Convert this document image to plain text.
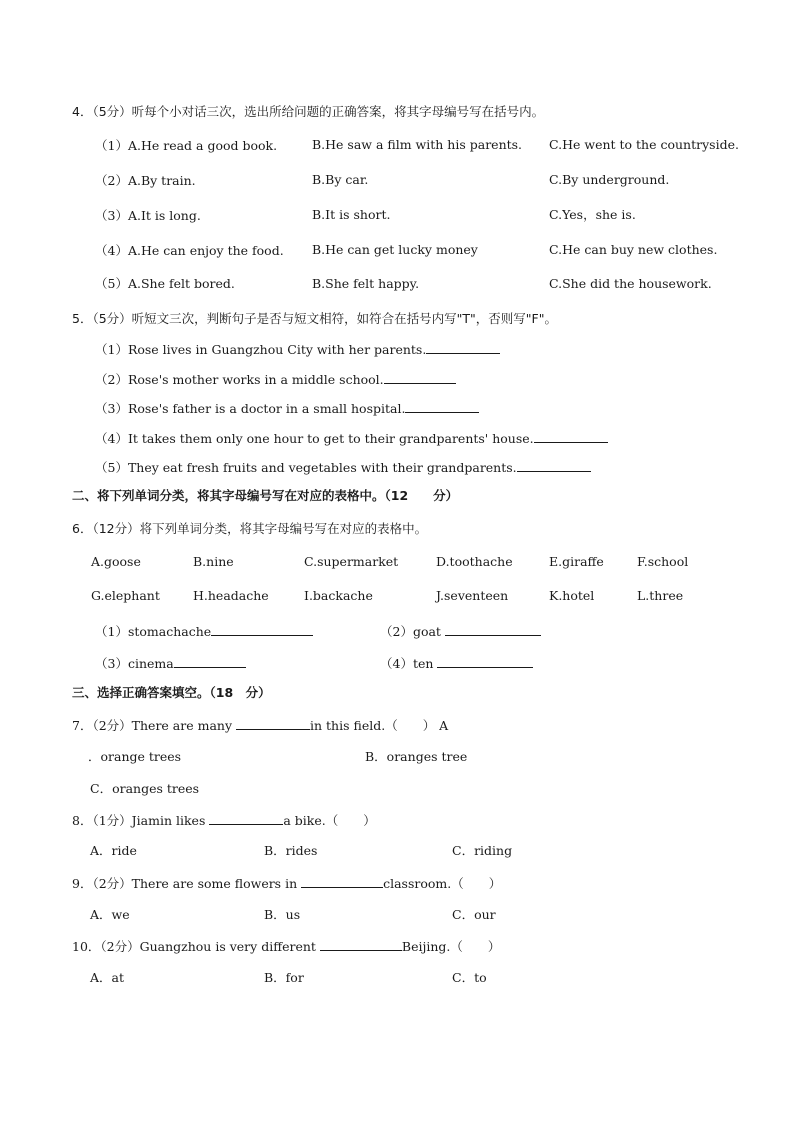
4．（5分）听每个小对话三次，选出所给问题的正确答案，将其字母编号写在括号内。
（1）A.He read a good book.	B.He saw a film with his parents. C.He went to the countryside.
（2）A.By train.	B.By car.	C.By underground.
（3）A.It is long.	B.It is short.	C.Yes，she is.
（4）A.He can enjoy the food. B.He can get lucky money	C.He can buy new clothes.
（5）A.She felt bored.	B.She felt happy.	C.She did the housework.
5．（5分）听短文三次，判断句子是否与短文相符，如符合在括号内写"T"，否则写"F"。
（1）Rose lives in Guangzhou City with her parents.
（2）Rose's mother works in a middle school.
（3）Rose's father is a doctor in a small hospital.
（4）It takes them only one hour to get to their grandparents' house.
（5）They eat fresh fruits and vegetables with their grandparents.
二、将下列单词分类，将其字母编号写在对应的表格中。（12　　分）
6．（12分）将下列单词分类，将其字母编号写在对应的表格中。
A.goose	B.nine	C.supermarket	D.toothache	E.giraffe	F.school
G.elephant	H.headache	I.backache	J.seventeen	K.hotel	L.three
（1）stomachache	（2）goat
（3）cinema	（4）ten
三、选择正确答案填空。（18　分）
7．（2分）There are many	in this field.（　　） A
．orange trees	B．oranges tree
C．oranges trees
8．（1分）Jiamin likes	a bike.（　　）
A．ride	B．rides	C．riding
9．（2分）There are some flowers in	classroom.（　　）
A．we	B．us	C．our
10．（2分）Guangzhou is very different	Beijing.（　　）
A．at	B．for	C．to
